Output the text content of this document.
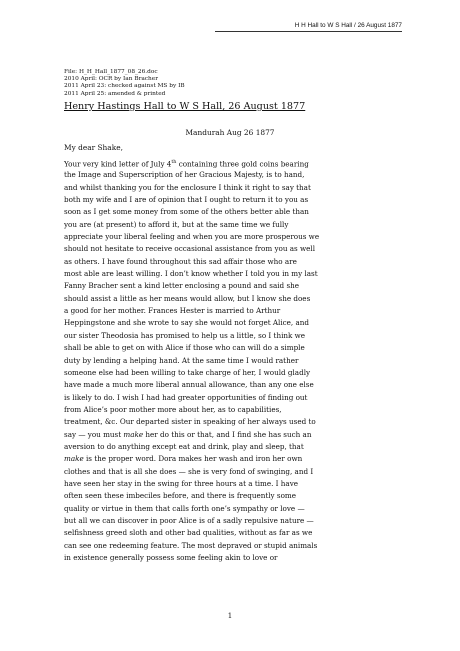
H H Hall to W S Hall / 26 August 1877
File: H_H_Hall_1877_08_26.doc
2010 April: OCR by Ian Bracher
2011 April 23: checked against MS by IB
2011 April 25: amended & printed
Henry Hastings Hall to W S Hall, 26 August 1877
Mandurah Aug 26 1877
My dear Shake,
Your very kind letter of July 4th containing three gold coins bearing
the Image and Superscription of her Gracious Majesty, is to hand,
and whilst thanking you for the enclosure I think it right to say that
both my wife and I are of opinion that I ought to return it to you as
soon as I get some money from some of the others better able than
you are (at present) to afford it, but at the same time we fully
appreciate your liberal feeling and when you are more prosperous we
should not hesitate to receive occasional assistance from you as well
as others. I have found throughout this sad affair those who are
most able are least willing. I don’t know whether I told you in my last
Fanny Bracher sent a kind letter enclosing a pound and said she
should assist a little as her means would allow, but I know she does
a good for her mother. Frances Hester is married to Arthur
Heppingstone and she wrote to say she would not forget Alice, and
our sister Theodosia has promised to help us a little, so I think we
shall be able to get on with Alice if those who can will do a simple
duty by lending a helping hand. At the same time I would rather
someone else had been willing to take charge of her, I would gladly
have made a much more liberal annual allowance, than any one else
is likely to do. I wish I had had greater opportunities of finding out
from Alice’s poor mother more about her, as to capabilities,
treatment, &c. Our departed sister in speaking of her always used to
say — you must make her do this or that, and I find she has such an
aversion to do anything except eat and drink, play and sleep, that
make is the proper word. Dora makes her wash and iron her own
clothes and that is all she does — she is very fond of swinging, and I
have seen her stay in the swing for three hours at a time. I have
often seen these imbeciles before, and there is frequently some
quality or virtue in them that calls forth one’s sympathy or love —
but all we can discover in poor Alice is of a sadly repulsive nature —
selfishness greed sloth and other bad qualities, without as far as we
can see one redeeming feature. The most depraved or stupid animals
in existence generally possess some feeling akin to love or
1
